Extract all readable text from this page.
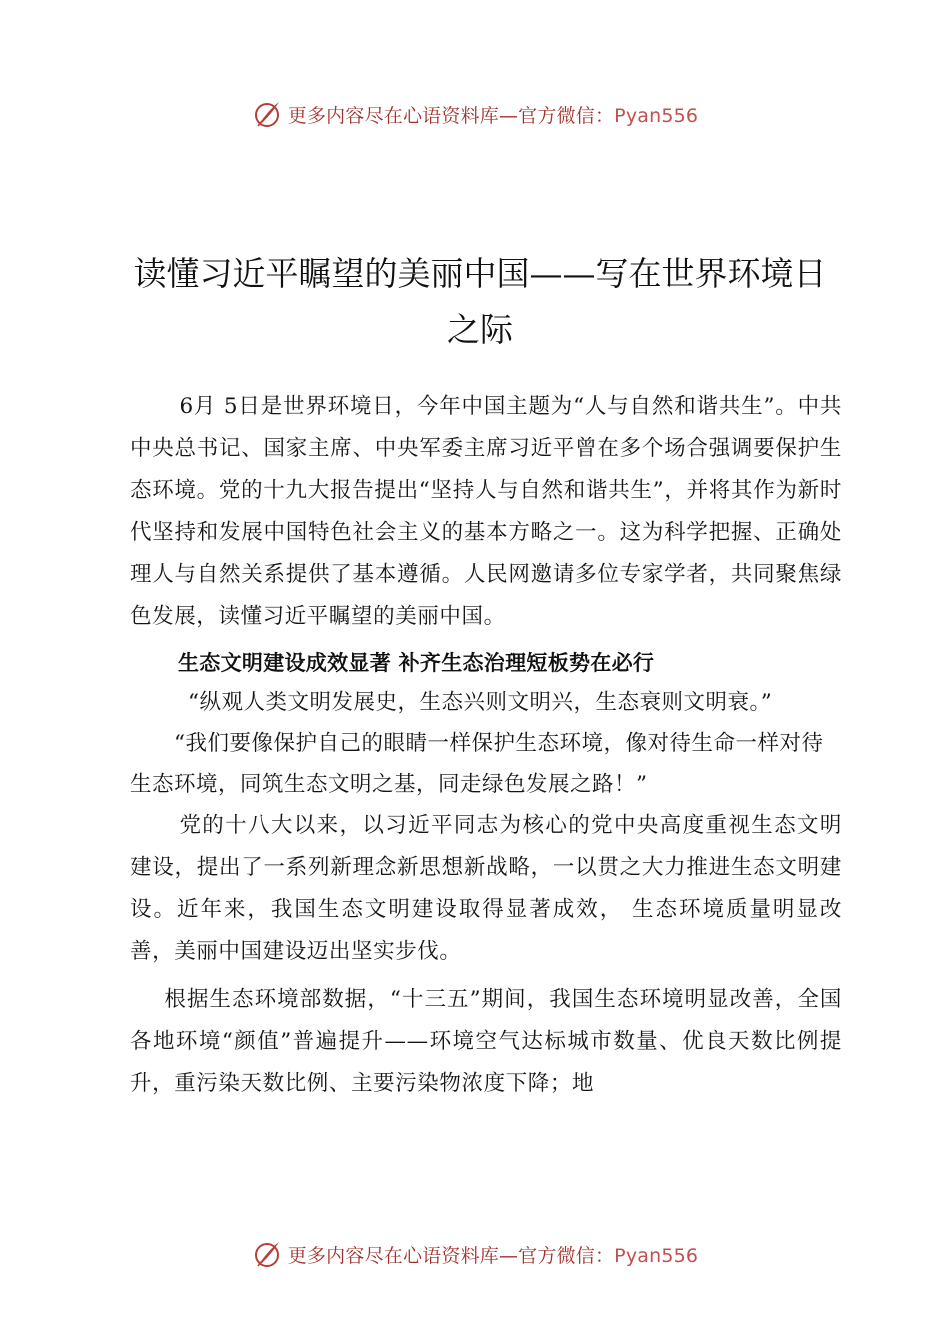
更多内容尽在心语资料库—官方微信：Pyan556
读懂习近平瞩望的美丽中国——写在世界环境日之际

6月 5日是世界环境日，今年中国主题为“人与自然和谐共生”。中共中央总书记、国家主席、中央军委主席习近平曾在多个场合强调要保护生态环境。党的十九大报告提出“坚持人与自然和谐共生”，并将其作为新时代坚持和发展中国特色社会主义的基本方略之一。这为科学把握、正确处理人与自然关系提供了基本遵循。人民网邀请多位专家学者，共同聚焦绿色发展，读懂习近平瞩望的美丽中国。

生态文明建设成效显著 补齐生态治理短板势在必行

“纵观人类文明发展史，生态兴则文明兴，生态衰则文明衰。”

“我们要像保护自己的眼睛一样保护生态环境，像对待生命一样对待生态环境，同筑生态文明之基，同走绿色发展之路！”

党的十八大以来，以习近平同志为核心的党中央高度重视生态文明建设，提出了一系列新理念新思想新战略，一以贯之大力推进生态文明建设。近年来，我国生态文明建设取得显著成效， 生态环境质量明显改善，美丽中国建设迈出坚实步伐。

根据生态环境部数据，“十三五”期间，我国生态环境明显改善，全国各地环境“颜值”普遍提升——环境空气达标城市数量、优良天数比例提升，重污染天数比例、主要污染物浓度下降；地

更多内容尽在心语资料库—官方微信：Pyan556
